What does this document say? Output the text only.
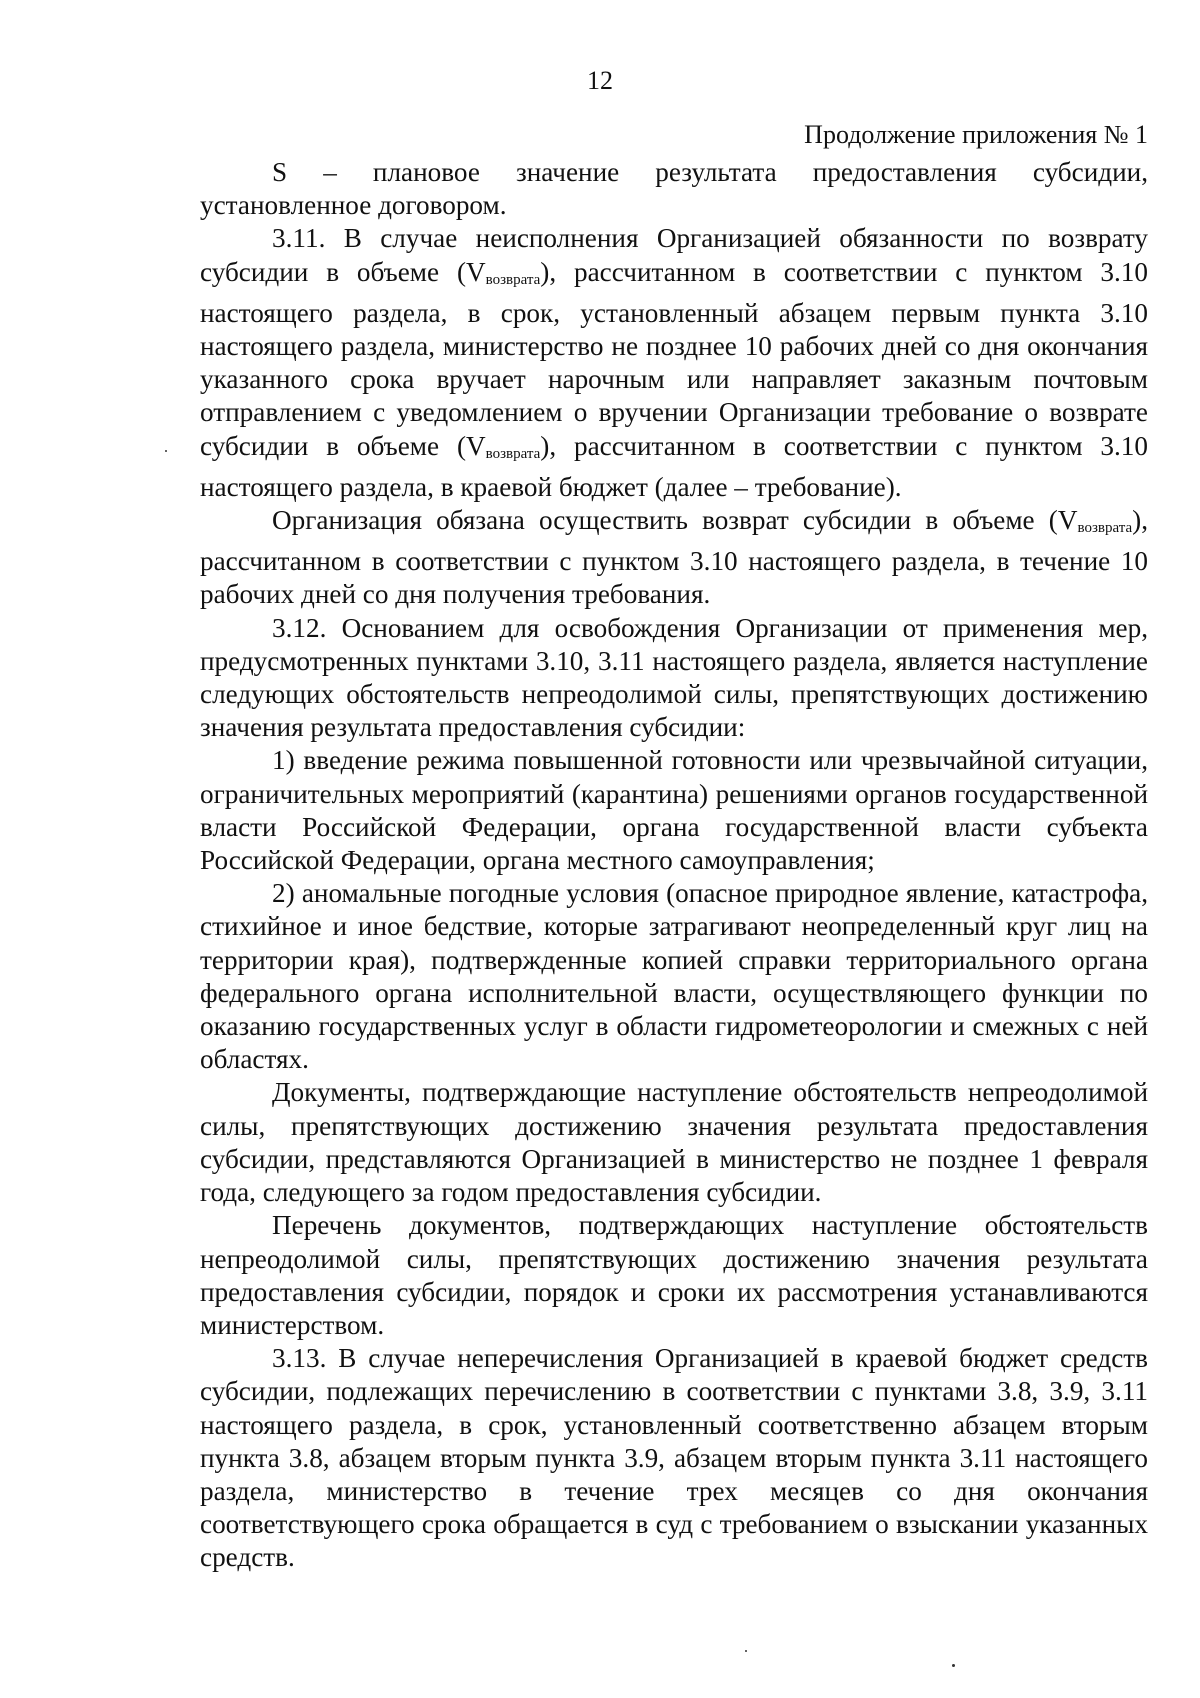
12
Продолжение приложения № 1

S – плановое значение результата предоставления субсидии, установленное договором.

3.11. В случае неисполнения Организацией обязанности по возврату субсидии в объеме $(V_{возврата})$, рассчитанном в соответствии с пунктом 3.10 настоящего раздела, в срок, установленный абзацем первым пункта 3.10 настоящего раздела, министерство не позднее 10 рабочих дней со дня окончания указанного срока вручает нарочным или направляет заказным почтовым отправлением с уведомлением о вручении Организации требование о возврате субсидии в объеме $(V_{возврата})$, рассчитанном в соответствии с пунктом 3.10 настоящего раздела, в краевой бюджет (далее – требование).

Организация обязана осуществить возврат субсидии в объеме $(V_{возврата})$, рассчитанном в соответствии с пунктом 3.10 настоящего раздела, в течение 10 рабочих дней со дня получения требования.

3.12. Основанием для освобождения Организации от применения мер, предусмотренных пунктами 3.10, 3.11 настоящего раздела, является наступление следующих обстоятельств непреодолимой силы, препятствующих достижению значения результата предоставления субсидии:

1) введение режима повышенной готовности или чрезвычайной ситуации, ограничительных мероприятий (карантина) решениями органов государственной власти Российской Федерации, органа государственной власти субъекта Российской Федерации, органа местного самоуправления;

2) аномальные погодные условия (опасное природное явление, катастрофа, стихийное и иное бедствие, которые затрагивают неопределенный круг лиц на территории края), подтвержденные копией справки территориального органа федерального органа исполнительной власти, осуществляющего функции по оказанию государственных услуг в области гидрометеорологии и смежных с ней областях.

Документы, подтверждающие наступление обстоятельств непреодолимой силы, препятствующих достижению значения результата предоставления субсидии, представляются Организацией в министерство не позднее 1 февраля года, следующего за годом предоставления субсидии.

Перечень документов, подтверждающих наступление обстоятельств непреодолимой силы, препятствующих достижению значения результата предоставления субсидии, порядок и сроки их рассмотрения устанавливаются министерством.

3.13. В случае неперечисления Организацией в краевой бюджет средств субсидии, подлежащих перечислению в соответствии с пунктами 3.8, 3.9, 3.11 настоящего раздела, в срок, установленный соответственно абзацем вторым пункта 3.8, абзацем вторым пункта 3.9, абзацем вторым пункта 3.11 настоящего раздела, министерство в течение трех месяцев со дня окончания соответствующего срока обращается в суд с требованием о взыскании указанных средств.
